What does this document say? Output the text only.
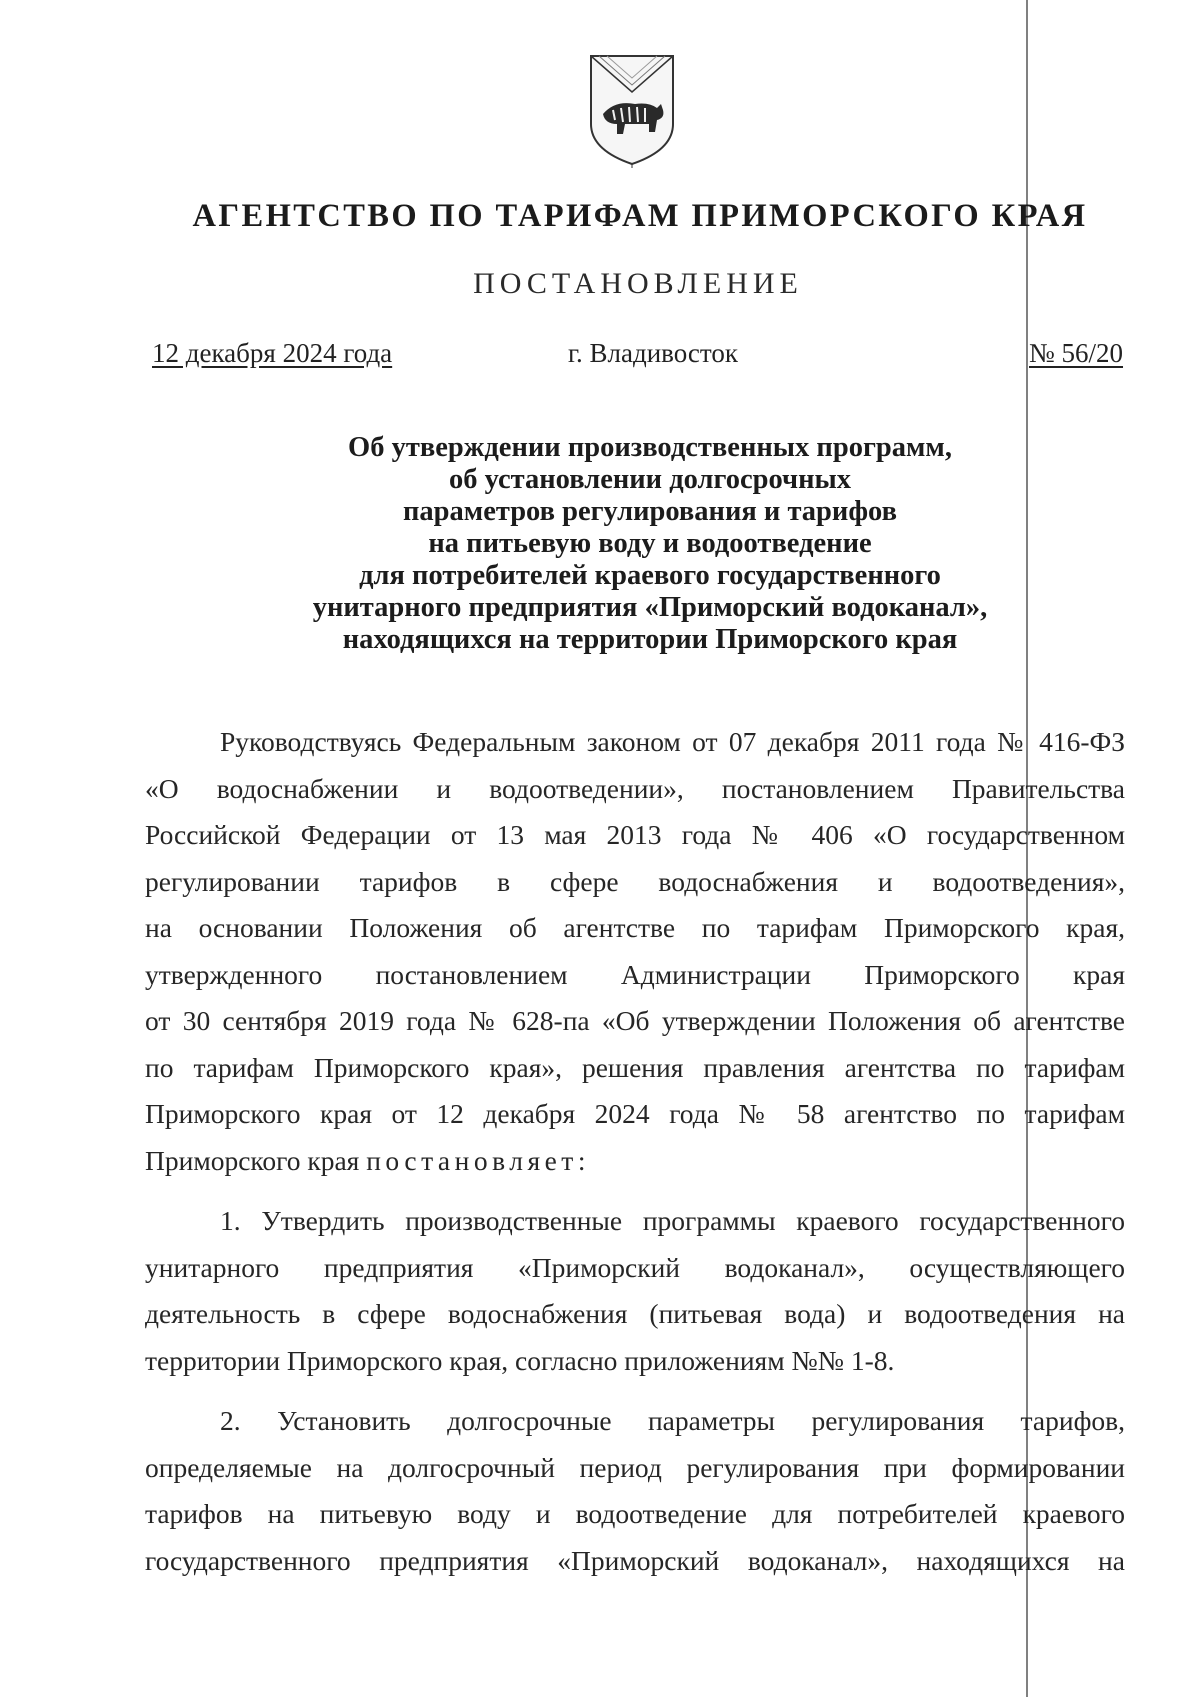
АГЕНТСТВО ПО ТАРИФАМ ПРИМОРСКОГО КРАЯ
ПОСТАНОВЛЕНИЕ
12 декабря 2024 года	г. Владивосток	№ 56/20
Об утверждении производственных программ,
об установлении долгосрочных
параметров регулирования и тарифов
на питьевую воду и водоотведение
для потребителей краевого государственного
унитарного предприятия «Приморский водоканал»,
находящихся на территории Приморского края
Руководствуясь Федеральным законом от 07 декабря 2011 года № 416-ФЗ
«О водоснабжении и водоотведении», постановлением Правительства
Российской Федерации от 13 мая 2013 года № 406 «О государственном
регулировании тарифов в сфере водоснабжения и водоотведения»,
на основании Положения об агентстве по тарифам Приморского края,
утвержденного постановлением Администрации Приморского края
от 30 сентября 2019 года № 628-па «Об утверждении Положения об агентстве
по тарифам Приморского края», решения правления агентства по тарифам
Приморского края от 12 декабря 2024 года № 58 агентство по тарифам
Приморского края постановляет:
1. Утвердить производственные программы краевого государственного
унитарного предприятия «Приморский водоканал», осуществляющего
деятельность в сфере водоснабжения (питьевая вода) и водоотведения на
территории Приморского края, согласно приложениям №№ 1-8.
2. Установить долгосрочные параметры регулирования тарифов,
определяемые на долгосрочный период регулирования при формировании
тарифов на питьевую воду и водоотведение для потребителей краевого
государственного предприятия «Приморский водоканал», находящихся на
